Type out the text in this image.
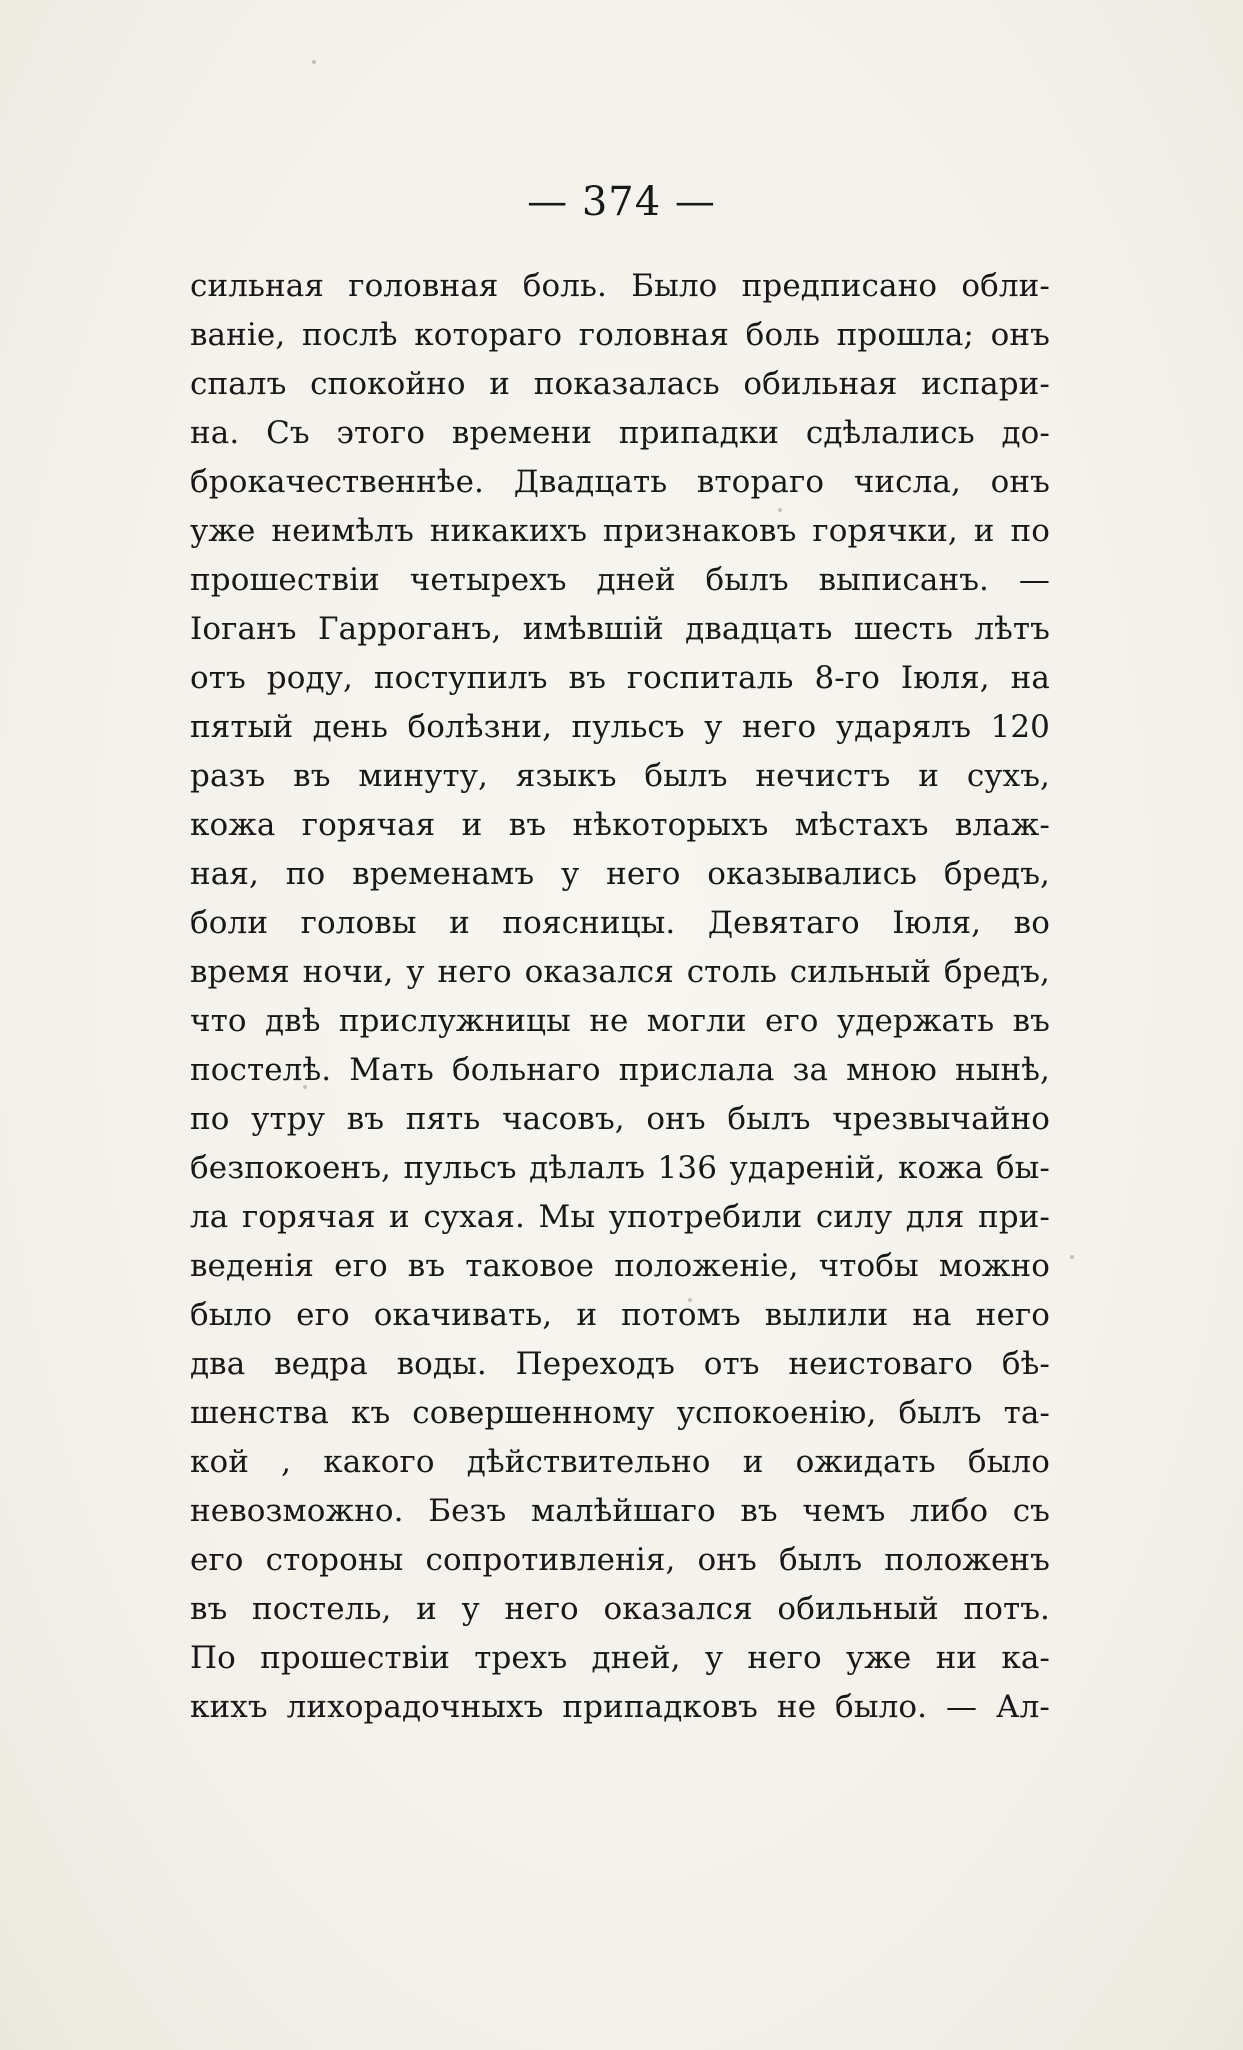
— 374 —
сильная головная боль. Было предписано обли-
ваніе, послѣ котораго головная боль прошла; онъ
спалъ спокойно и показалась обильная испари-
на. Съ этого времени припадки сдѣлались до-
брокачественнѣе. Двадцать втораго числа, онъ
уже неимѣлъ никакихъ признаковъ горячки, и по
прошествіи четырехъ дней былъ выписанъ. —
Іоганъ Гарроганъ, имѣвшій двадцать шесть лѣтъ
отъ роду, поступилъ въ госпиталь 8-го Іюля, на
пятый день болѣзни, пульсъ у него ударялъ 120
разъ въ минуту, языкъ былъ нечистъ и сухъ,
кожа горячая и въ нѣкоторыхъ мѣстахъ влаж-
ная, по временамъ у него оказывались бредъ,
боли головы и поясницы. Девятаго Іюля, во
время ночи, у него оказался столь сильный бредъ,
что двѣ прислужницы не могли его удержать въ
постелѣ. Мать больнаго прислала за мною нынѣ,
по утру въ пять часовъ, онъ былъ чрезвычайно
безпокоенъ, пульсъ дѣлалъ 136 ударенiй, кожа бы-
ла горячая и сухая. Мы употребили силу для при-
веденія его въ таковое положеніе, чтобы можно
было его окачивать, и потомъ вылили на него
два ведра воды. Переходъ отъ неистоваго бѣ-
шенства къ совершенному успокоенію, былъ та-
кой , какого дѣйствительно и ожидать было
невозможно. Безъ малѣйшаго въ чемъ либо съ
его стороны сопротивленія, онъ былъ положенъ
въ постель, и у него оказался обильный потъ.
По прошествіи трехъ дней, у него уже ни ка-
кихъ лихорадочныхъ припадковъ не было. — Ал-
